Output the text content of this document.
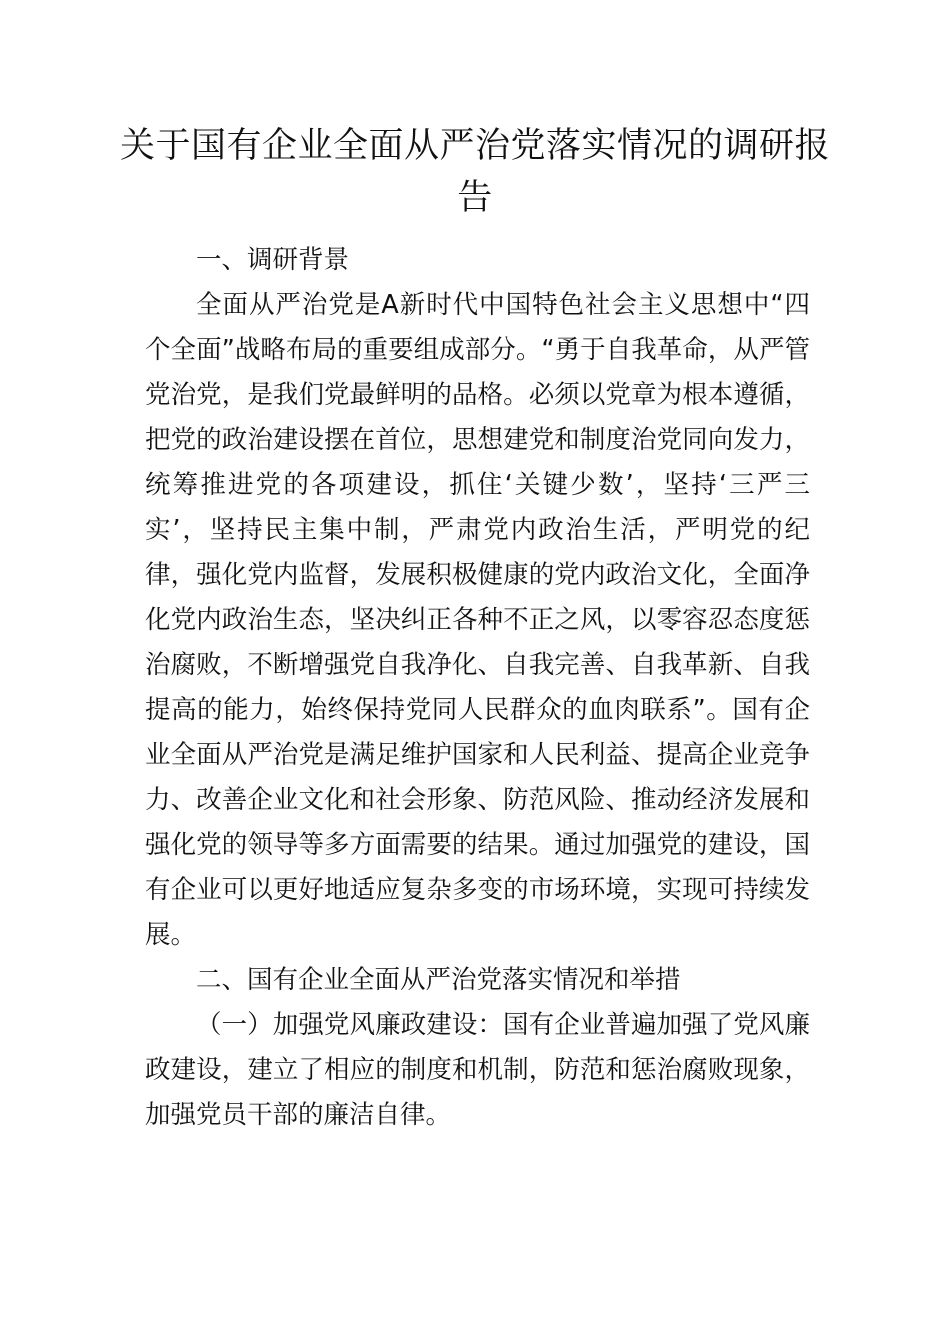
关于国有企业全面从严治党落实情况的调研报告

一、调研背景

全面从严治党是A新时代中国特色社会主义思想中“四个全面”战略布局的重要组成部分。“勇于自我革命，从严管党治党，是我们党最鲜明的品格。必须以党章为根本遵循，把党的政治建设摆在首位，思想建党和制度治党同向发力，统筹推进党的各项建设，抓住‘关键少数’，坚持‘三严三实’，坚持民主集中制，严肃党内政治生活，严明党的纪律，强化党内监督，发展积极健康的党内政治文化，全面净化党内政治生态，坚决纠正各种不正之风，以零容忍态度惩治腐败，不断增强党自我净化、自我完善、自我革新、自我提高的能力，始终保持党同人民群众的血肉联系”。国有企业全面从严治党是满足维护国家和人民利益、提高企业竞争力、改善企业文化和社会形象、防范风险、推动经济发展和强化党的领导等多方面需要的结果。通过加强党的建设，国有企业可以更好地适应复杂多变的市场环境，实现可持续发展。

二、国有企业全面从严治党落实情况和举措

（一）加强党风廉政建设：国有企业普遍加强了党风廉政建设，建立了相应的制度和机制，防范和惩治腐败现象，加强党员干部的廉洁自律。
